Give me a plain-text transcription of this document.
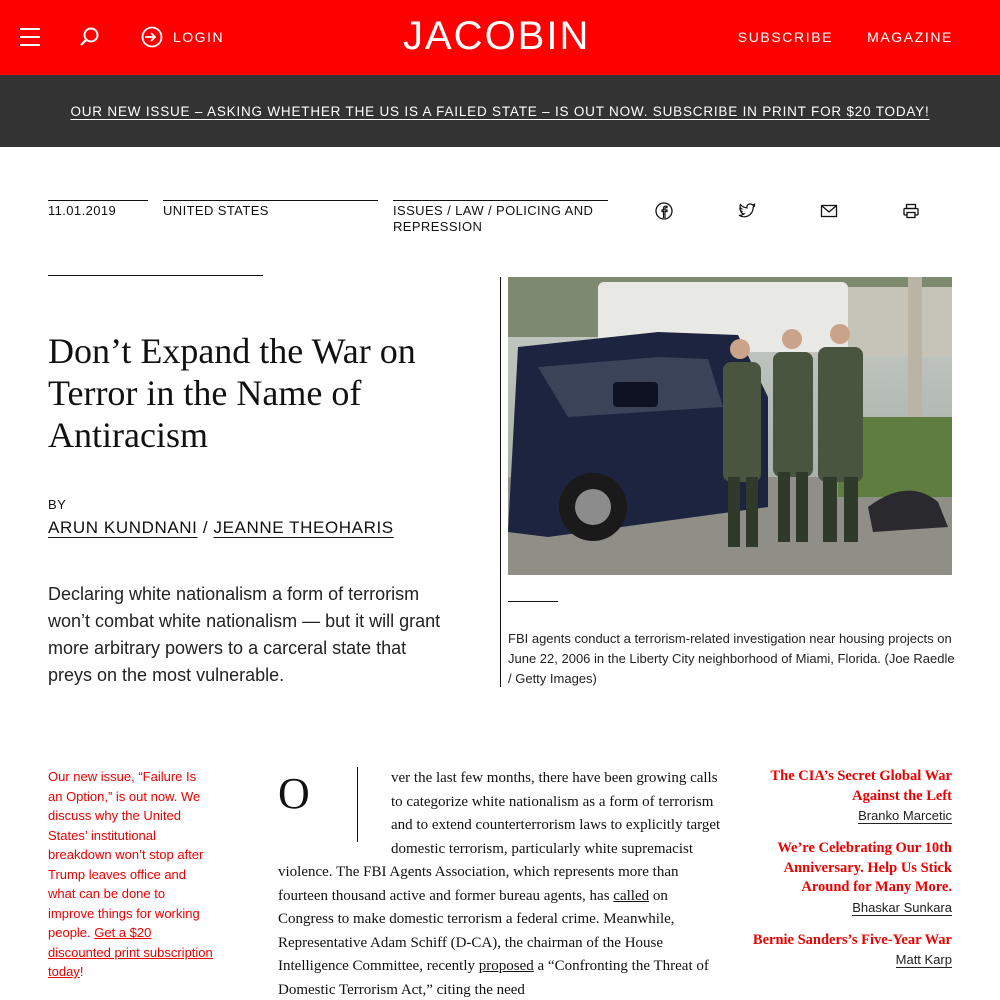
LOGIN	JACOBIN	SUBSCRIBE MAGAZINE
OUR NEW ISSUE – ASKING WHETHER THE US IS A FAILED STATE – IS OUT NOW. SUBSCRIBE IN PRINT FOR $20 TODAY!
11.01.2019	UNITED STATES	ISSUES / LAW / POLICING AND REPRESSION
Don’t Expand the War on Terror in the Name of Antiracism
BY
ARUN KUNDNANI / JEANNE THEOHARIS

Declaring white nationalism a form of terrorism won’t combat white nationalism — but it will grant more arbitrary powers to a carceral state that preys on the most vulnerable.

FBI agents conduct a terrorism-related investigation near housing projects on June 22, 2006 in the Liberty City neighborhood of Miami, Florida. (Joe Raedle / Getty Images)

Our new issue, “Failure Is an Option,” is out now. We discuss why the United States’ institutional breakdown won’t stop after Trump leaves office and what can be done to improve things for working people. Get a $20 discounted print subscription today!

O	ver the last few months, there have been growing calls to categorize white nationalism as a form of terrorism and to extend counterterrorism laws to explicitly target domestic terrorism, particularly white supremacist violence. The FBI Agents Association, which represents more than fourteen thousand active and former bureau agents, has called on Congress to make domestic terrorism a federal crime. Meanwhile, Representative Adam Schiff (D-CA), the chairman of the House Intelligence Committee, recently proposed a “Confronting the Threat of Domestic Terrorism Act,” citing the need

The CIA’s Secret Global War Against the Left
Branko Marcetic
We’re Celebrating Our 10th Anniversary. Help Us Stick Around for Many More.
Bhaskar Sunkara
Bernie Sanders’s Five-Year War
Matt Karp
